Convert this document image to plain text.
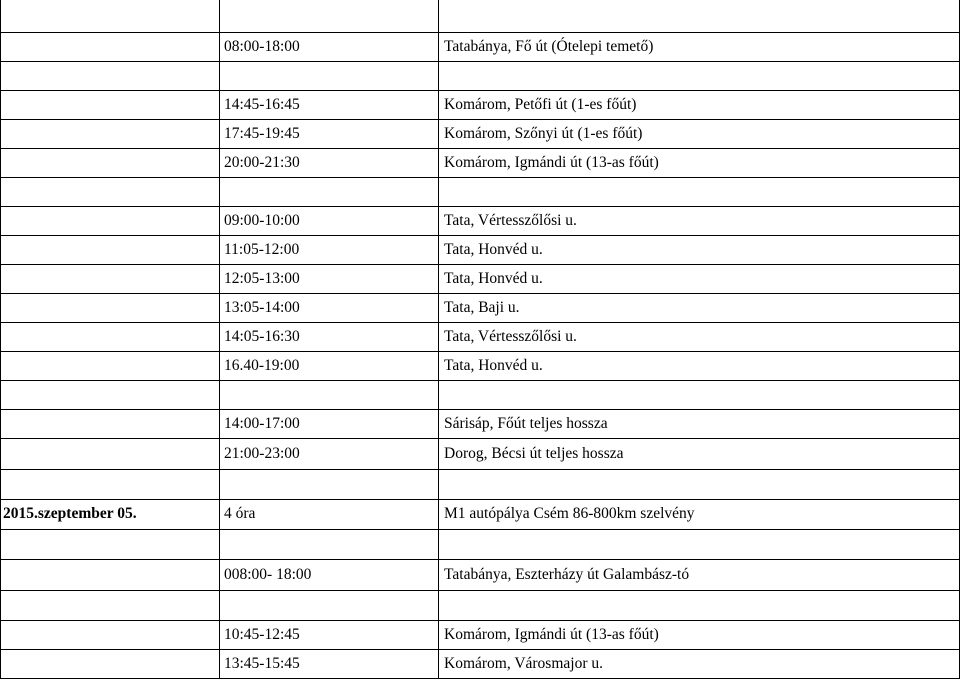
08:00-18:00	Tatabánya, Fő út (Ótelepi temető)
14:45-16:45	Komárom, Petőfi út (1-es főút)
17:45-19:45	Komárom, Szőnyi út (1-es főút)
20:00-21:30	Komárom, Igmándi út (13-as főút)
09:00-10:00	Tata, Vértesszőlősi u.
11:05-12:00	Tata, Honvéd u.
12:05-13:00	Tata, Honvéd u.
13:05-14:00	Tata, Baji u.
14:05-16:30	Tata, Vértesszőlősi u.
16.40-19:00	Tata, Honvéd u.
14:00-17:00	Sárisáp, Főút teljes hossza
21:00-23:00	Dorog, Bécsi út teljes hossza
2015.szeptember 05.	4 óra	M1 autópálya Csém 86-800km szelvény
008:00- 18:00	Tatabánya, Eszterházy út Galambász-tó
10:45-12:45	Komárom, Igmándi út (13-as főút)
13:45-15:45	Komárom, Városmajor u.
